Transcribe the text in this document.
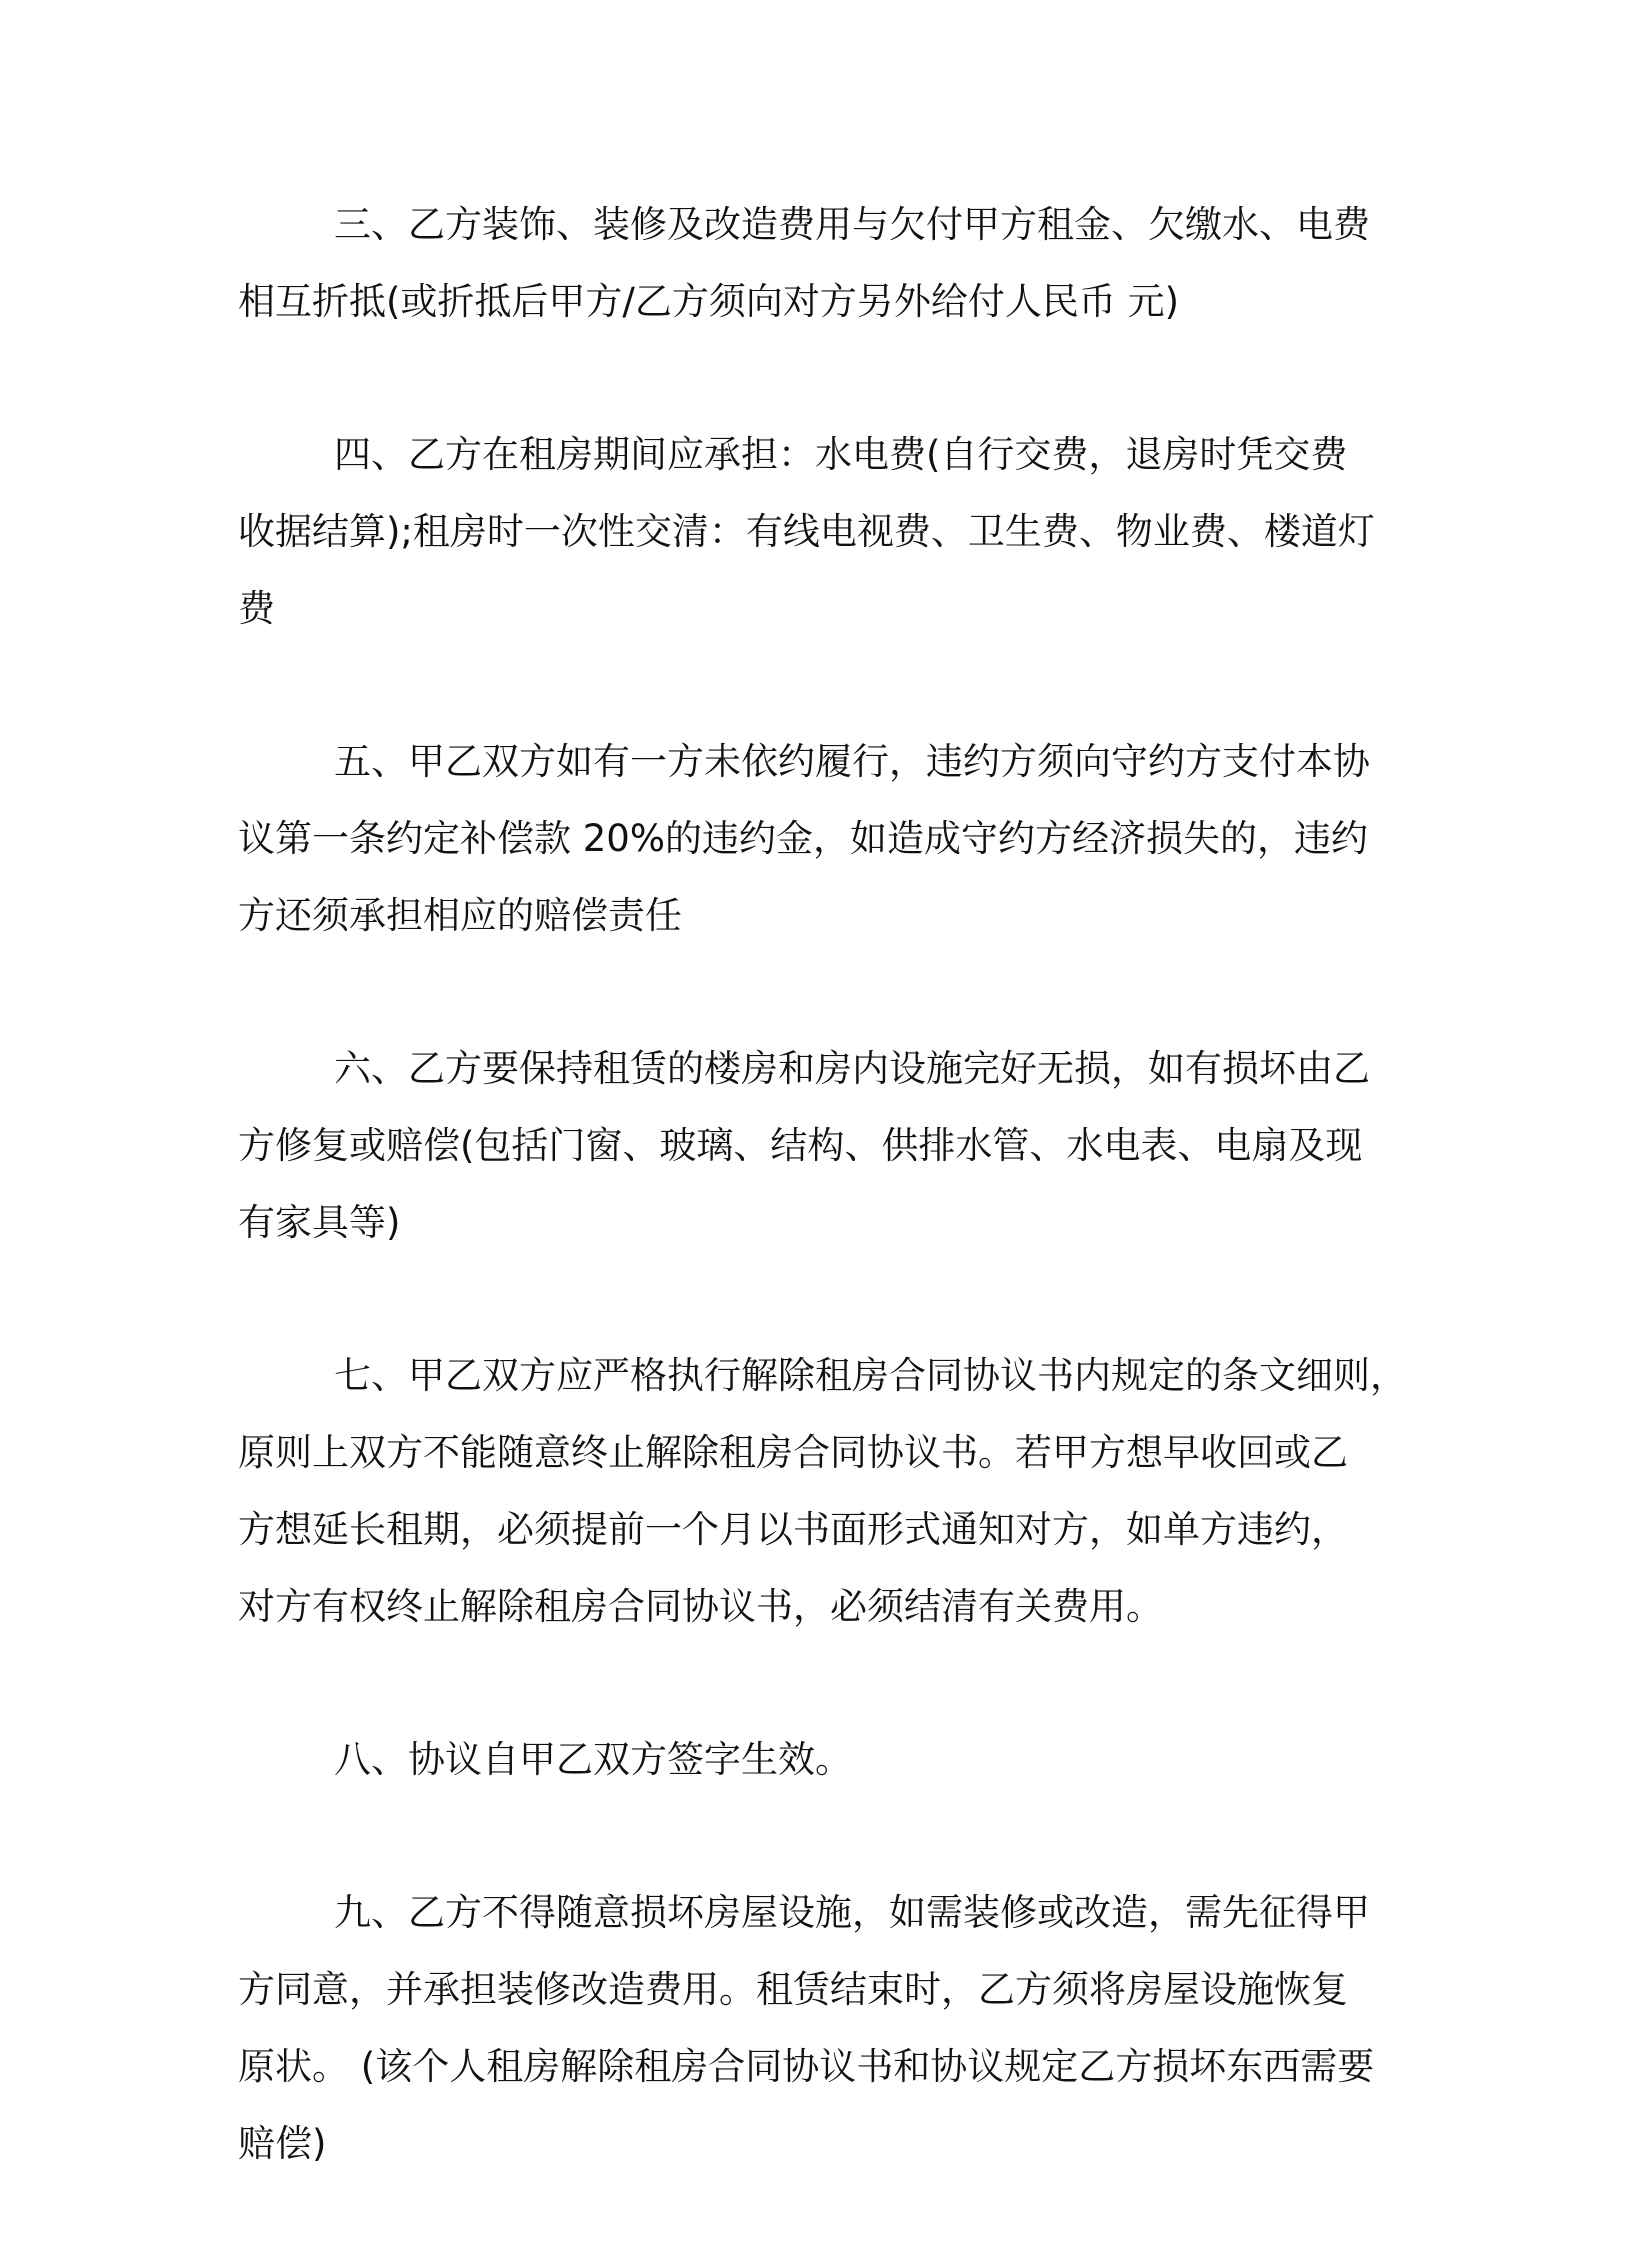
三、乙方装饰、装修及改造费用与欠付甲方租金、欠缴水、电费
相互折抵(或折抵后甲方/乙方须向对方另外给付人民币 元)
四、乙方在租房期间应承担：水电费(自行交费，退房时凭交费
收据结算);租房时一次性交清：有线电视费、卫生费、物业费、楼道灯
费
五、甲乙双方如有一方未依约履行，违约方须向守约方支付本协
议第一条约定补偿款 20%的违约金，如造成守约方经济损失的，违约
方还须承担相应的赔偿责任
六、乙方要保持租赁的楼房和房内设施完好无损，如有损坏由乙
方修复或赔偿(包括门窗、玻璃、结构、供排水管、水电表、电扇及现
有家具等)
七、甲乙双方应严格执行解除租房合同协议书内规定的条文细则，
原则上双方不能随意终止解除租房合同协议书。若甲方想早收回或乙
方想延长租期，必须提前一个月以书面形式通知对方，如单方违约，
对方有权终止解除租房合同协议书，必须结清有关费用。
八、协议自甲乙双方签字生效。
九、乙方不得随意损坏房屋设施，如需装修或改造，需先征得甲
方同意，并承担装修改造费用。租赁结束时，乙方须将房屋设施恢复
原状。 (该个人租房解除租房合同协议书和协议规定乙方损坏东西需要
赔偿)
